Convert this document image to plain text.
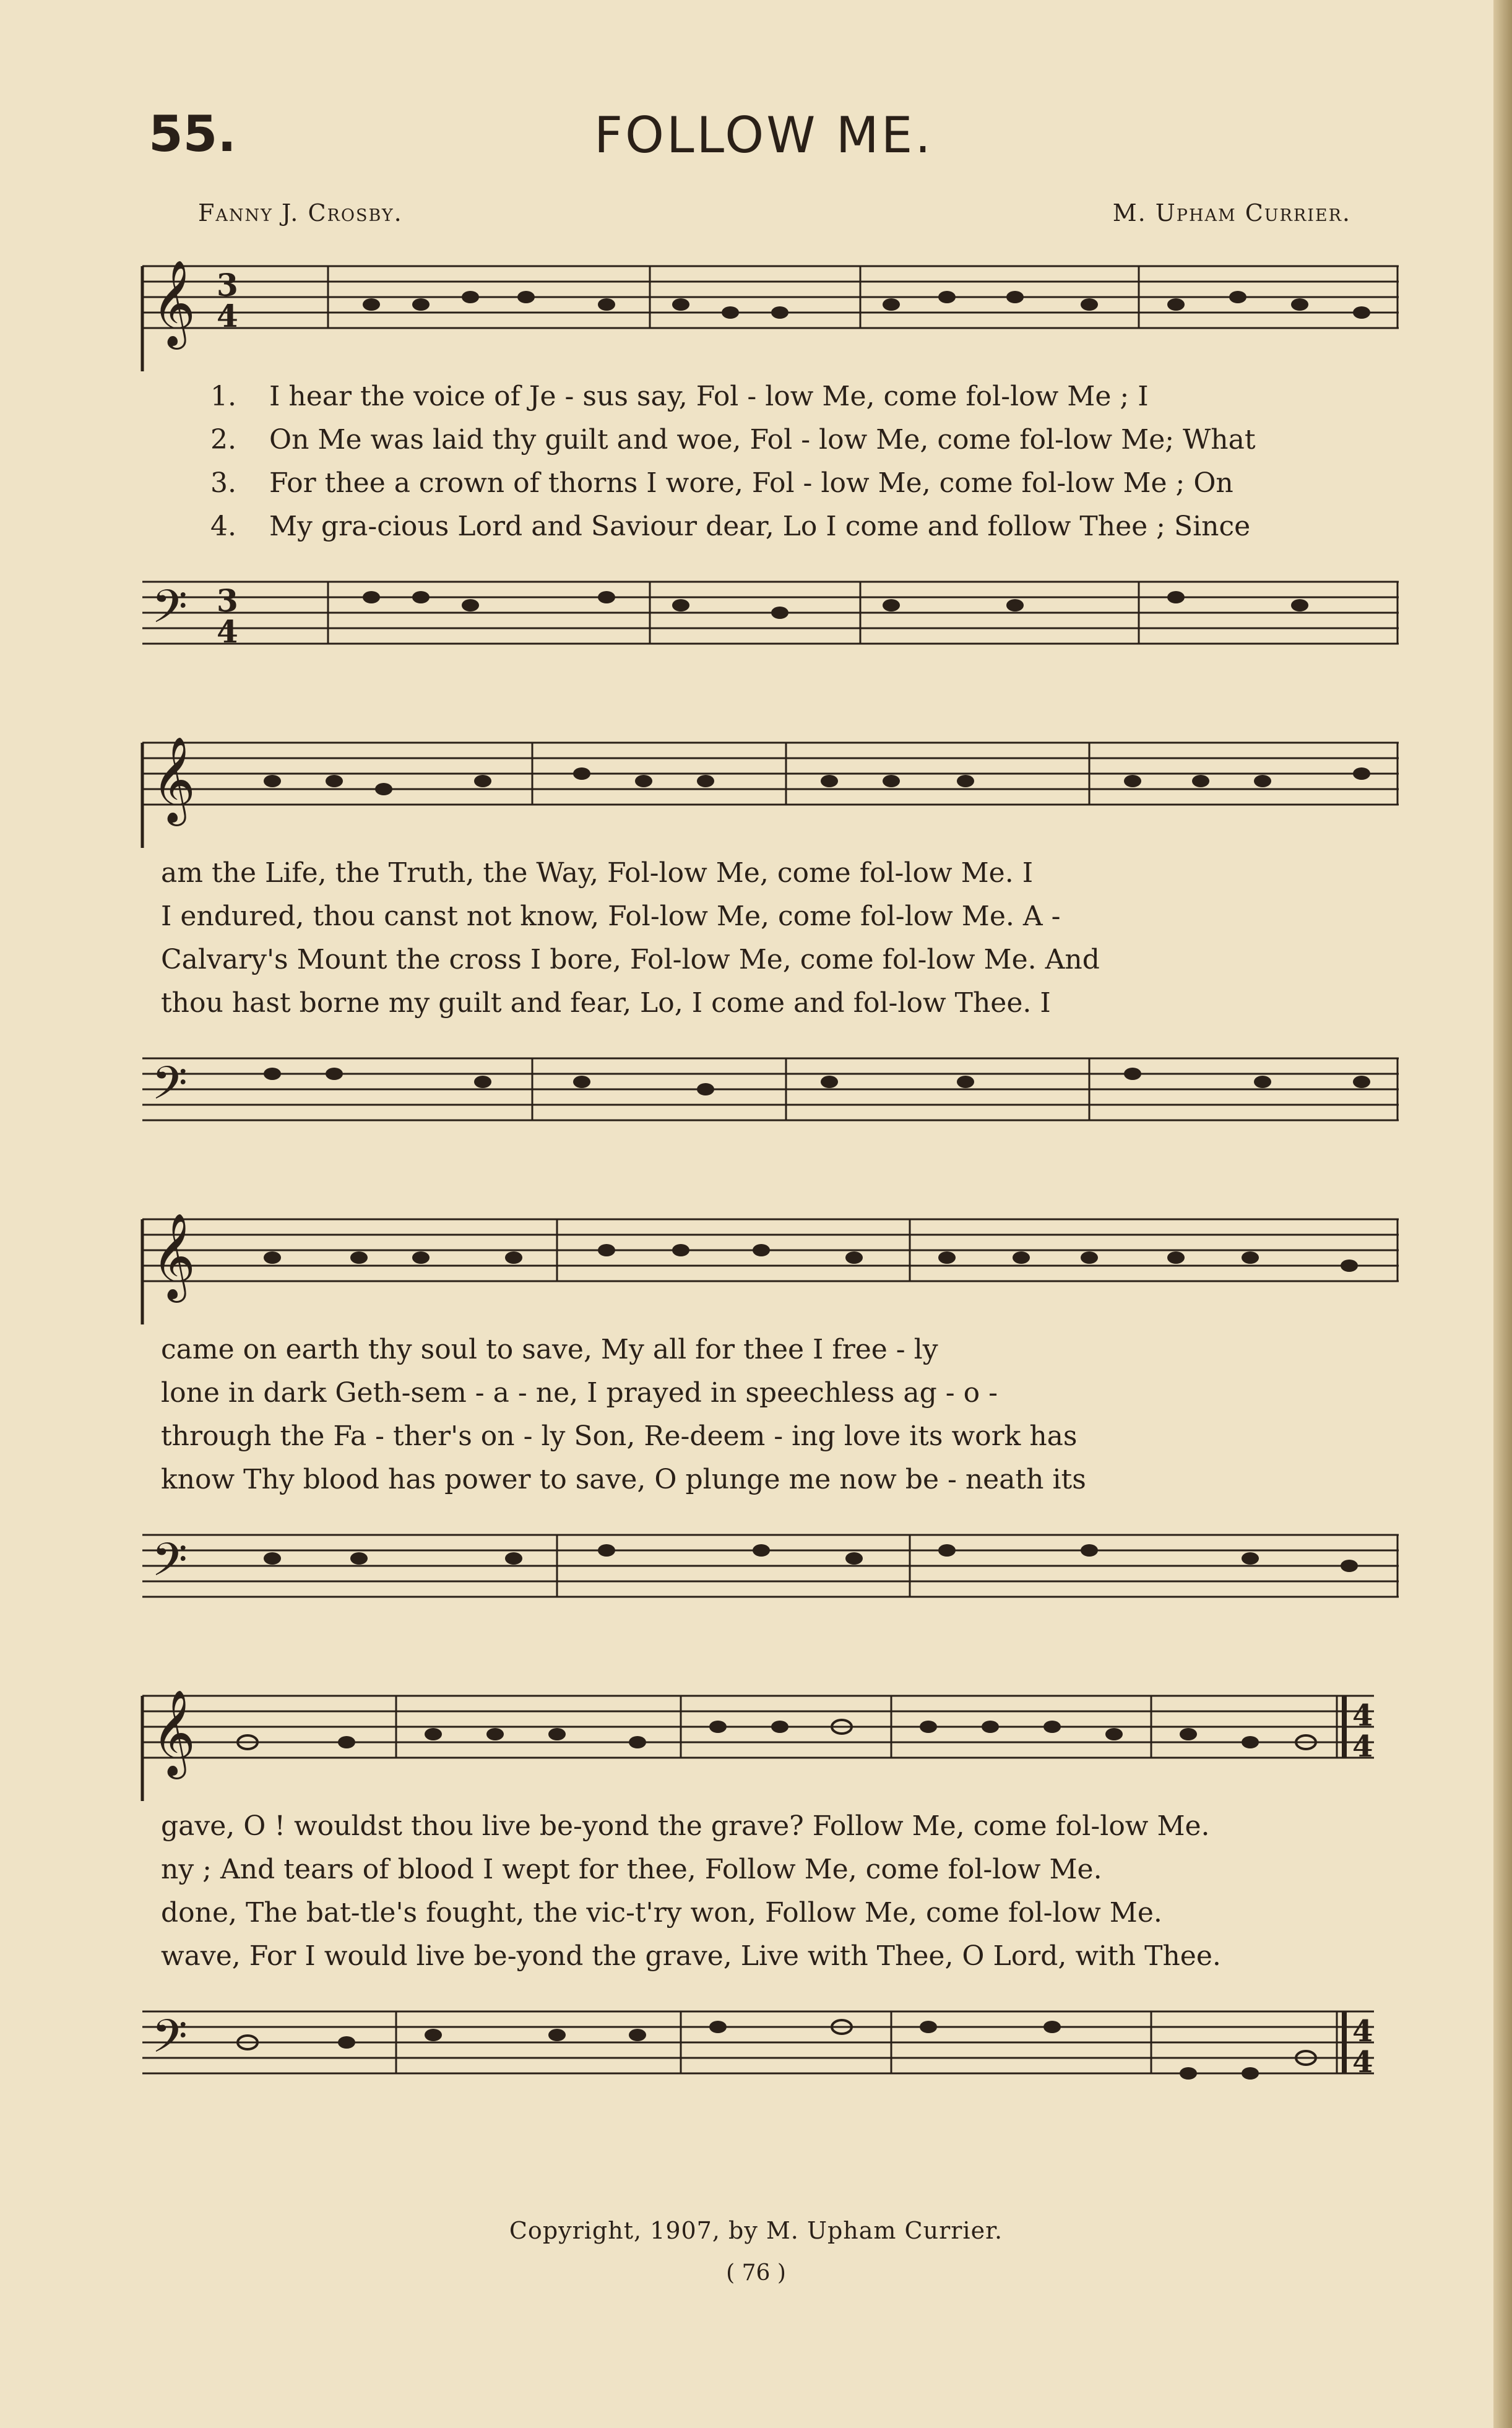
55.	FOLLOW ME.
Fanny J. Crosby.	M. Upham Currier.
𝄞 3
4
1. I hear the voice of Je - sus say, Fol - low Me, come fol-low Me ; I
2. On Me was laid thy guilt and woe, Fol - low Me, come fol-low Me; What
3. For thee a crown of thorns I wore, Fol - low Me, come fol-low Me ; On
4. My gra-cious Lord and Saviour dear, Lo I come and follow Thee ; Since
𝄢 3
4
𝄞
am the Life, the Truth, the Way, Fol-low Me, come fol-low Me. I
I endured, thou canst not know, Fol-low Me, come fol-low Me. A -
Calvary's Mount the cross I bore, Fol-low Me, come fol-low Me. And
thou hast borne my guilt and fear, Lo, I come and fol-low Thee. I
𝄢
𝄞
came on earth thy soul to save, My all for thee I free - ly
lone in dark Geth-sem - a - ne, I prayed in speechless ag - o -
through the Fa - ther's on - ly Son, Re-deem - ing love its work has
know Thy blood has power to save, O plunge me now be - neath its
𝄢
𝄞	4
4
gave, O ! wouldst thou live be-yond the grave? Follow Me, come fol-low Me.
ny ; And tears of blood I wept for thee, Follow Me, come fol-low Me.
done, The bat-tle's fought, the vic-t'ry won, Follow Me, come fol-low Me.
wave, For I would live be-yond the grave, Live with Thee, O Lord, with Thee.
𝄢	4
4
Copyright, 1907, by M. Upham Currier.
( 76 )
